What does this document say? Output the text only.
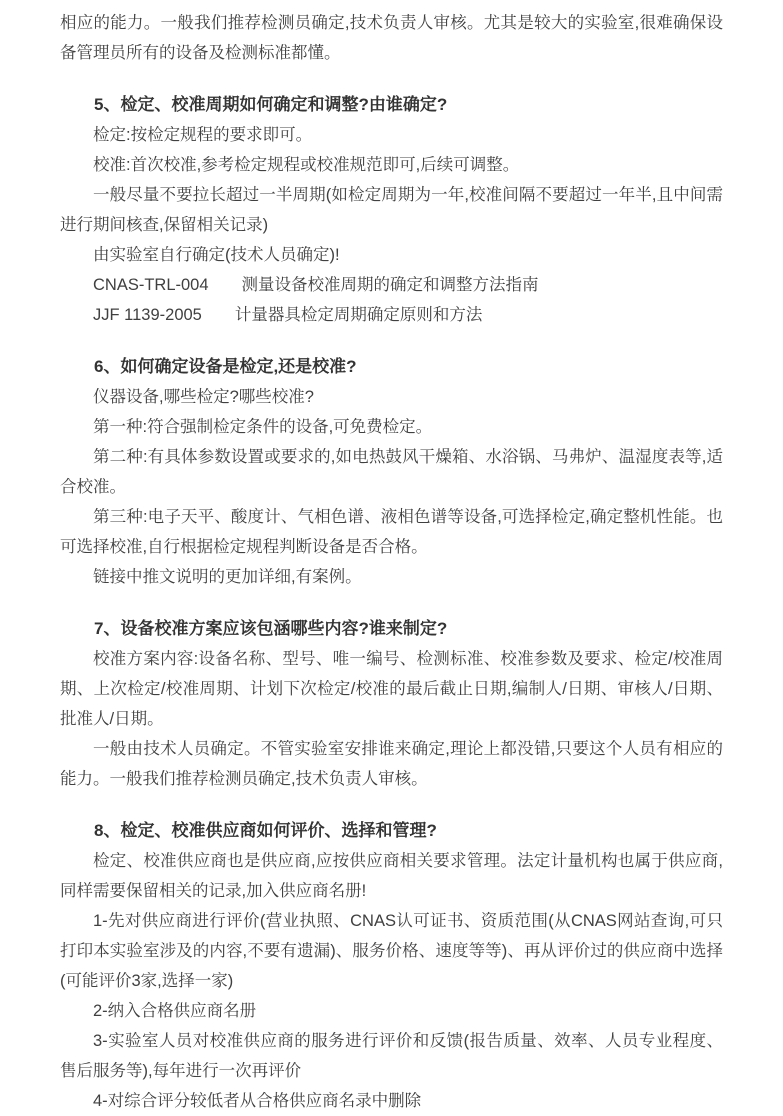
相应的能力。一般我们推荐检测员确定,技术负责人审核。尤其是较大的实验室,很难确保设备管理员所有的设备及检测标准都懂。

5、检定、校准周期如何确定和调整?由谁确定?

检定:按检定规程的要求即可。

校准:首次校准,参考检定规程或校准规范即可,后续可调整。

一般尽量不要拉长超过一半周期(如检定周期为一年,校准间隔不要超过一年半,且中间需进行期间核查,保留相关记录)

由实验室自行确定(技术人员确定)!

CNAS-TRL-004　　测量设备校准周期的确定和调整方法指南

JJF 1139-2005　　计量器具检定周期确定原则和方法

6、如何确定设备是检定,还是校准?

仪器设备,哪些检定?哪些校准?

第一种:符合强制检定条件的设备,可免费检定。

第二种:有具体参数设置或要求的,如电热鼓风干燥箱、水浴锅、马弗炉、温湿度表等,适合校准。

第三种:电子天平、酸度计、气相色谱、液相色谱等设备,可选择检定,确定整机性能。也可选择校准,自行根据检定规程判断设备是否合格。

链接中推文说明的更加详细,有案例。

7、设备校准方案应该包涵哪些内容?谁来制定?

校准方案内容:设备名称、型号、唯一编号、检测标准、校准参数及要求、检定/校准周期、上次检定/校准周期、计划下次检定/校准的最后截止日期,编制人/日期、审核人/日期、批准人/日期。

一般由技术人员确定。不管实验室安排谁来确定,理论上都没错,只要这个人员有相应的能力。一般我们推荐检测员确定,技术负责人审核。

8、检定、校准供应商如何评价、选择和管理?

检定、校准供应商也是供应商,应按供应商相关要求管理。法定计量机构也属于供应商,同样需要保留相关的记录,加入供应商名册!

1-先对供应商进行评价(营业执照、CNAS认可证书、资质范围(从CNAS网站查询,可只打印本实验室涉及的内容,不要有遗漏)、服务价格、速度等等)、再从评价过的供应商中选择(可能评价3家,选择一家)

2-纳入合格供应商名册

3-实验室人员对校准供应商的服务进行评价和反馈(报告质量、效率、人员专业程度、售后服务等),每年进行一次再评价

4-对综合评分较低者从合格供应商名录中删除
